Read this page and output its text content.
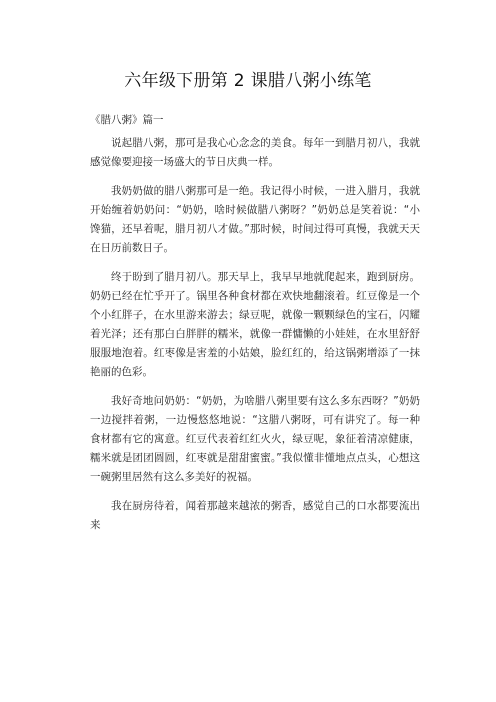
六年级下册第 2 课腊八粥小练笔
《腊八粥》篇一

说起腊八粥，那可是我心心念念的美食。每年一到腊月初八，我就感觉像要迎接一场盛大的节日庆典一样。

我奶奶做的腊八粥那可是一绝。我记得小时候，一进入腊月，我就开始缠着奶奶问：“奶奶，啥时候做腊八粥呀？”奶奶总是笑着说：“小馋猫，还早着呢，腊月初八才做。”那时候，时间过得可真慢，我就天天在日历前数日子。

终于盼到了腊月初八。那天早上，我早早地就爬起来，跑到厨房。奶奶已经在忙乎开了。锅里各种食材都在欢快地翻滚着。红豆像是一个个小红胖子，在水里游来游去；绿豆呢，就像一颗颗绿色的宝石，闪耀着光泽；还有那白白胖胖的糯米，就像一群慵懒的小娃娃，在水里舒舒服服地泡着。红枣像是害羞的小姑娘，脸红红的，给这锅粥增添了一抹艳丽的色彩。

我好奇地问奶奶：“奶奶，为啥腊八粥里要有这么多东西呀？”奶奶一边搅拌着粥，一边慢悠悠地说：“这腊八粥呀，可有讲究了。每一种食材都有它的寓意。红豆代表着红红火火，绿豆呢，象征着清凉健康，糯米就是团团圆圆，红枣就是甜甜蜜蜜。”我似懂非懂地点点头，心想这一碗粥里居然有这么多美好的祝福。

我在厨房待着，闻着那越来越浓的粥香，感觉自己的口水都要流出来
